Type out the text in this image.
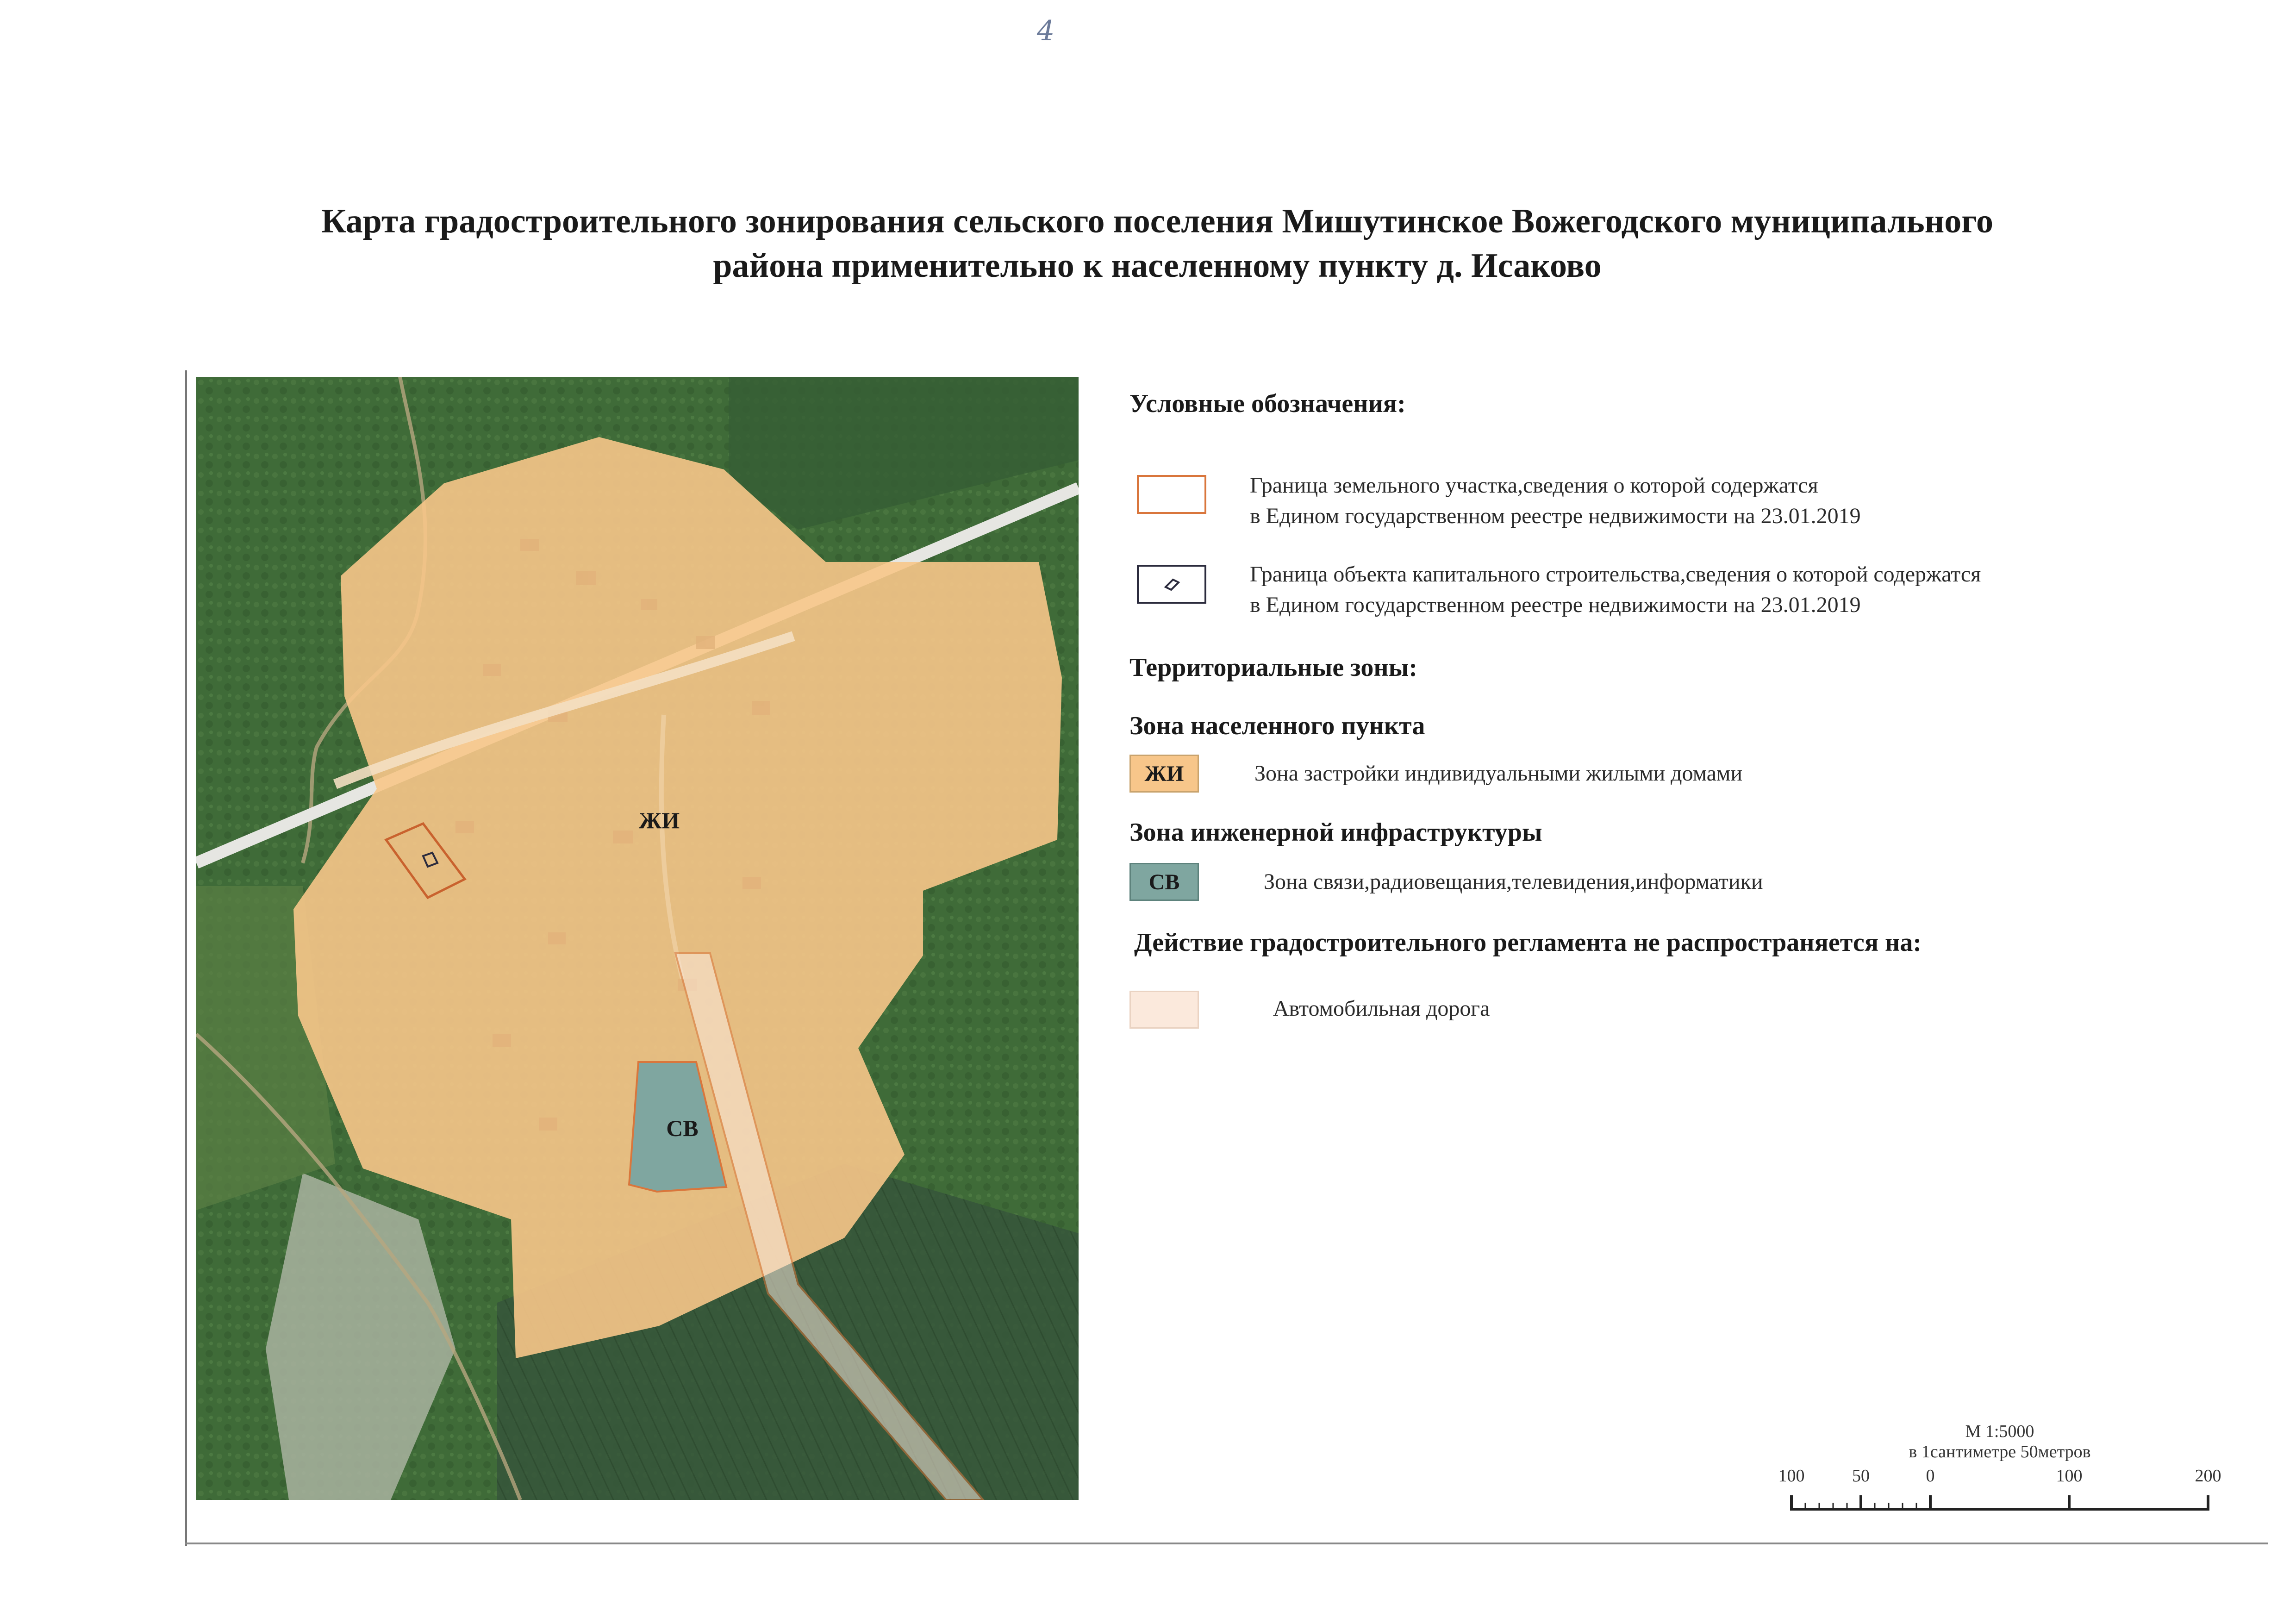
4
Карта градостроительного зонирования сельского поселения Мишутинское Вожегодского муниципального
района применительно к населенному пункту д. Исаково
ЖИ
СВ
Условные обозначения:
Граница земельного участка,сведения о которой содержатся
в Едином государственном реестре недвижимости на 23.01.2019
Граница объекта капитального строительства,сведения о которой содержатся
в Едином государственном реестре недвижимости на 23.01.2019
Территориальные зоны:
Зона населенного пункта
ЖИ	Зона застройки индивидуальными жилыми домами
Зона инженерной инфраструктуры
СВ	Зона связи,радиовещания,телевидения,информатики
Действие градостроительного регламента не распространяется на:
Автомобильная дорога
М 1:5000
в 1сантиметре 50метров
100	50	0	100	200
